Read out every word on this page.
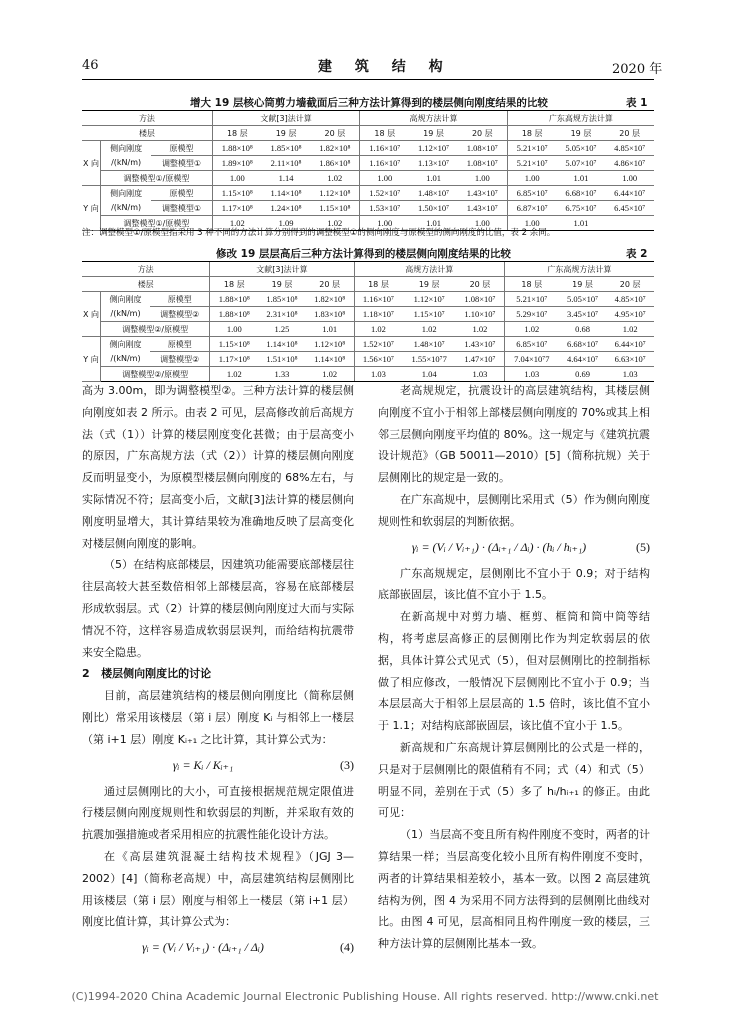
46	建 筑 结 构	2020 年
增大 19 层核心筒剪力墙截面后三种方法计算得到的楼层侧向刚度结果的比较	表 1
方法			文献[3]法计算			高规方法计算			广东高规方法计算		
楼层			18 层	19 层	20 层	18 层	19 层	20 层	18 层	19 层	20 层
X 向	侧向刚度	原模型	1.88×10⁸	1.85×10⁸	1.82×10⁸	1.16×10⁷	1.12×10⁷	1.08×10⁷	5.21×10⁷	5.05×10⁷	4.85×10⁷
	/(kN/m)	调整模型①	1.89×10⁸	2.11×10⁸	1.86×10⁸	1.16×10⁷	1.13×10⁷	1.08×10⁷	5.21×10⁷	5.07×10⁷	4.86×10⁷
	调整模型①/原模型		1.00	1.14	1.02	1.00	1.01	1.00	1.00	1.01	1.00
Y 向	侧向刚度	原模型	1.15×10⁸	1.14×10⁸	1.12×10⁸	1.52×10⁷	1.48×10⁷	1.43×10⁷	6.85×10⁷	6.68×10⁷	6.44×10⁷
	/(kN/m)	调整模型①	1.17×10⁸	1.24×10⁸	1.15×10⁸	1.53×10⁷	1.50×10⁷	1.43×10⁷	6.87×10⁷	6.75×10⁷	6.45×10⁷
	调整模型①/原模型		1.02	1.09	1.02	1.00	1.01	1.00	1.00	1.01	
注：调整模型①/原模型指采用 3 种不同的方法计算分别得到的调整模型①的侧向刚度与原模型的侧向刚度的比值，表 2 余同。
修改 19 层层高后三种方法计算得到的楼层侧向刚度结果的比较	表 2
方法			文献[3]法计算			高规方法计算			广东高规方法计算		
楼层			18 层	19 层	20 层	18 层	19 层	20 层	18 层	19 层	20 层
X 向	侧向刚度	原模型	1.88×10⁸	1.85×10⁸	1.82×10⁸	1.16×10⁷	1.12×10⁷	1.08×10⁷	5.21×10⁷	5.05×10⁷	4.85×10⁷
	/(kN/m)	调整模型②	1.88×10⁸	2.31×10⁸	1.83×10⁸	1.18×10⁷	1.15×10⁷	1.10×10⁷	5.29×10⁷	3.45×10⁷	4.95×10⁷
	调整模型②/原模型		1.00	1.25	1.01	1.02	1.02	1.02	1.02	0.68	1.02
Y 向	侧向刚度	原模型	1.15×10⁸	1.14×10⁸	1.12×10⁸	1.52×10⁷	1.48×10⁷	1.43×10⁷	6.85×10⁷	6.68×10⁷	6.44×10⁷
	/(kN/m)	调整模型②	1.17×10⁸	1.51×10⁸	1.14×10⁸	1.56×10⁷	1.55×10⁷7	1.47×10⁷	7.04×10⁷7	4.64×10⁷	6.63×10⁷
	调整模型②/原模型		1.02	1.33	1.02	1.03	1.04	1.03	1.03	0.69	1.03

高为 3.00m，即为调整模型②。三种方法计算的楼层侧向刚度如表 2 所示。由表 2 可见，层高修改前后高规方法（式（1））计算的楼层刚度变化甚微；由于层高变小的原因，广东高规方法（式（2））计算的楼层侧向刚度反而明显变小，为原模型楼层侧向刚度的 68%左右，与实际情况不符；层高变小后，文献[3]法计算的楼层侧向刚度明显增大，其计算结果较为准确地反映了层高变化对楼层侧向刚度的影响。

（5）在结构底部楼层，因建筑功能需要底部楼层往往层高较大甚至数倍相邻上部楼层高，容易在底部楼层形成软弱层。式（2）计算的楼层侧向刚度过大而与实际情况不符，这样容易造成软弱层误判，而给结构抗震带来安全隐患。

2 楼层侧向刚度比的讨论

目前，高层建筑结构的楼层侧向刚度比（简称层侧刚比）常采用该楼层（第 i 层）刚度 Kᵢ 与相邻上一楼层（第 i+1 层）刚度 Kᵢ₊₁ 之比计算，其计算公式为：

γᵢ = Kᵢ / Kᵢ₊₁	(3)

通过层侧刚比的大小，可直接根据规范规定限值进行楼层侧向刚度规则性和软弱层的判断，并采取有效的抗震加强措施或者采用相应的抗震性能化设计方法。

在《高层建筑混凝土结构技术规程》（JGJ 3—2002）[4]（简称老高规）中，高层建筑结构层侧刚比用该楼层（第 i 层）刚度与相邻上一楼层（第 i+1 层）刚度比值计算，其计算公式为：

γᵢ = (Vᵢ / Vᵢ₊₁) · (Δᵢ₊₁ / Δᵢ)	(4)

老高规规定，抗震设计的高层建筑结构，其楼层侧向刚度不宜小于相邻上部楼层侧向刚度的 70%或其上相邻三层侧向刚度平均值的 80%。这一规定与《建筑抗震设计规范》（GB 50011—2010）[5]（简称抗规）关于层侧刚比的规定是一致的。

在广东高规中，层侧刚比采用式（5）作为侧向刚度规则性和软弱层的判断依据。

γᵢ = (Vᵢ / Vᵢ₊₁) · (Δᵢ₊₁ / Δᵢ) · (hᵢ / hᵢ₊₁)	(5)

广东高规规定，层侧刚比不宜小于 0.9；对于结构底部嵌固层，该比值不宜小于 1.5。

在新高规中对剪力墙、框剪、框筒和筒中筒等结构，将考虑层高修正的层侧刚比作为判定软弱层的依据，具体计算公式见式（5），但对层侧刚比的控制指标做了相应修改，一般情况下层侧刚比不宜小于 0.9；当本层层高大于相邻上层层高的 1.5 倍时，该比值不宜小于 1.1；对结构底部嵌固层，该比值不宜小于 1.5。

新高规和广东高规计算层侧刚比的公式是一样的，只是对于层侧刚比的限值稍有不同；式（4）和式（5）明显不同，差别在于式（5）多了 hᵢ/hᵢ₊₁ 的修正。由此可见：

（1）当层高不变且所有构件刚度不变时，两者的计算结果一样；当层高变化较小且所有构件刚度不变时，两者的计算结果相差较小，基本一致。以图 2 高层建筑结构为例，图 4 为采用不同方法得到的层侧刚比曲线对比。由图 4 可见，层高相同且构件刚度一致的楼层，三种方法计算的层侧刚比基本一致。

(C)1994-2020 China Academic Journal Electronic Publishing House. All rights reserved. http://www.cnki.net
